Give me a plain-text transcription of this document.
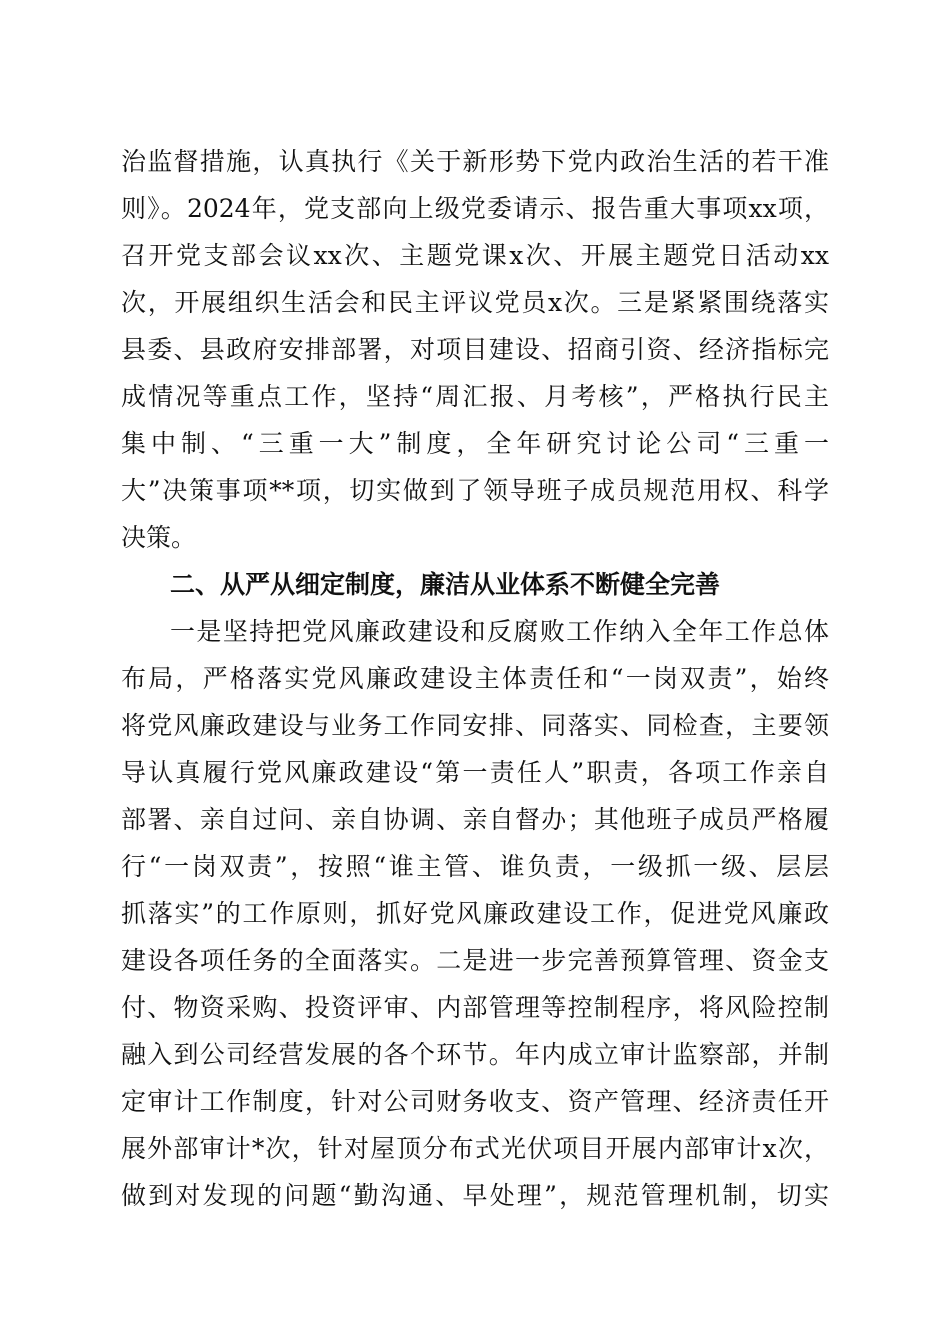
治监督措施，认真执行《关于新形势下党内政治生活的若干准
则》。2024年，党支部向上级党委请示、报告重大事项xx项，
召开党支部会议xx次、主题党课x次、开展主题党日活动xx
次，开展组织生活会和民主评议党员x次。三是紧紧围绕落实
县委、县政府安排部署，对项目建设、招商引资、经济指标完
成情况等重点工作，坚持“周汇报、月考核”，严格执行民主
集中制、“三重一大”制度，全年研究讨论公司“三重一
大”决策事项**项，切实做到了领导班子成员规范用权、科学
决策。
二、从严从细定制度，廉洁从业体系不断健全完善
一是坚持把党风廉政建设和反腐败工作纳入全年工作总体
布局，严格落实党风廉政建设主体责任和“一岗双责”，始终
将党风廉政建设与业务工作同安排、同落实、同检查，主要领
导认真履行党风廉政建设“第一责任人”职责，各项工作亲自
部署、亲自过问、亲自协调、亲自督办；其他班子成员严格履
行“一岗双责”，按照“谁主管、谁负责，一级抓一级、层层
抓落实”的工作原则，抓好党风廉政建设工作，促进党风廉政
建设各项任务的全面落实。二是进一步完善预算管理、资金支
付、物资采购、投资评审、内部管理等控制程序，将风险控制
融入到公司经营发展的各个环节。年内成立审计监察部，并制
定审计工作制度，针对公司财务收支、资产管理、经济责任开
展外部审计*次，针对屋顶分布式光伏项目开展内部审计x次，
做到对发现的问题“勤沟通、早处理”，规范管理机制，切实
